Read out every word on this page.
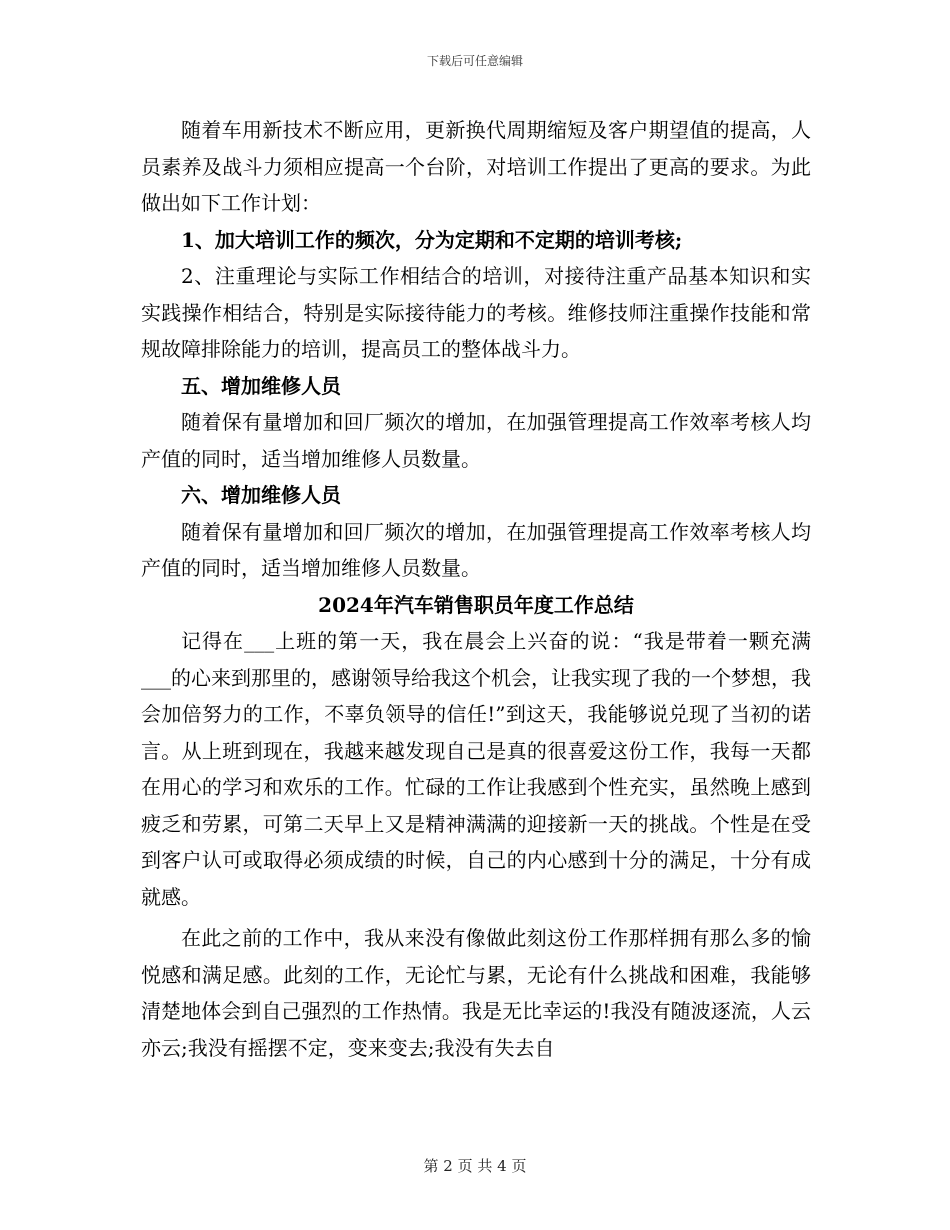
下载后可任意编辑

随着车用新技术不断应用，更新换代周期缩短及客户期望值的提高，人员素养及战斗力须相应提高一个台阶，对培训工作提出了更高的要求。为此做出如下工作计划：

1、加大培训工作的频次，分为定期和不定期的培训考核;

2、注重理论与实际工作相结合的培训，对接待注重产品基本知识和实实践操作相结合，特别是实际接待能力的考核。维修技师注重操作技能和常规故障排除能力的培训，提高员工的整体战斗力。

五、增加维修人员

随着保有量增加和回厂频次的增加，在加强管理提高工作效率考核人均产值的同时，适当增加维修人员数量。

六、增加维修人员

随着保有量增加和回厂频次的增加，在加强管理提高工作效率考核人均产值的同时，适当增加维修人员数量。

2024年汽车销售职员年度工作总结

记得在___上班的第一天，我在晨会上兴奋的说：“我是带着一颗充满___的心来到那里的，感谢领导给我这个机会，让我实现了我的一个梦想，我会加倍努力的工作，不辜负领导的信任!”到这天，我能够说兑现了当初的诺言。从上班到现在，我越来越发现自己是真的很喜爱这份工作，我每一天都在用心的学习和欢乐的工作。忙碌的工作让我感到个性充实，虽然晚上感到疲乏和劳累，可第二天早上又是精神满满的迎接新一天的挑战。个性是在受到客户认可或取得必须成绩的时候，自己的内心感到十分的满足，十分有成就感。

在此之前的工作中，我从来没有像做此刻这份工作那样拥有那么多的愉悦感和满足感。此刻的工作，无论忙与累，无论有什么挑战和困难，我能够清楚地体会到自己强烈的工作热情。我是无比幸运的!我没有随波逐流，人云亦云;我没有摇摆不定，变来变去;我没有失去自

第 2 页 共 4 页
